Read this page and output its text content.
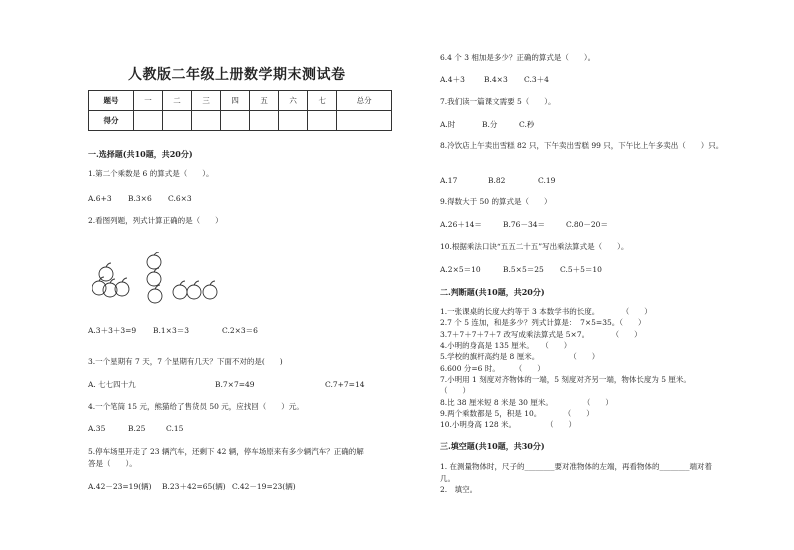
人教版二年级上册数学期末测试卷
题号	一	二	三	四	五	六	七	总分
得分								
一.选择题(共10题，共20分)
1.第二个乘数是 6 的算式是（　　）。
A.6+3 B.3×6 C.6×3
2.看图列题，列式计算正确的是（　　）
A.3＋3＋3=9 B.1×3＝3	C.2×3＝6
3.一个星期有 7 天，7 个星期有几天？下面不对的是(　　)
A. 七七四十九	B.7×7=49	C.7+7=14
4.一个笔筒 15 元，熊猫给了售货员 50 元，应找回（　　）元。
A.35	B.25	C.15
5.停车场里开走了 23 辆汽车，还剩下 42 辆，停车场原来有多少辆汽车？正确的解
答是（　　）。
A.42－23=19(辆) B.23＋42=65(辆) C.42－19=23(辆)
6.4 个 3 相加是多少？正确的算式是（　　）。
A.4＋3	B.4×3 C.3＋4
7.我们读一篇课文需要 5（　　）。
A.时	B.分	C.秒
8.冷饮店上午卖出雪糕 82 只，下午卖出雪糕 99 只，下午比上午多卖出（　　）只。
A.17	B.82	C.19
9.得数大于 50 的算式是（　　）
A.26＋14＝	B.76－34＝	C.80－20＝
10.根据乘法口诀“五五二十五”写出乘法算式是（　　）。
A.2×5＝10	B.5×5＝25 C.5＋5＝10
二.判断题(共10题，共20分)
1.一张课桌的长度大约等于 3 本数学书的长度。　　　　（　　）
2.7 个 5 连加，和是多少？列式计算是：　7×5=35。（　　）
3.7＋7＋7＋7＋7 改写成乘法算式是 5×7。　　　　（　　）
4.小明的身高是 135 厘米。　　（　　）
5.学校的旗杆高约是 8 厘米。　　　　　（　　）
6.600 分=6 时。　　　（　　）
7.小明用 1 刻度对齐物体的一端，5 刻度对齐另一端，物体长度为 5 厘米。
（　　）
8.比 38 厘米短 8 米是 30 厘米。　　　　　（　　）
9.两个乘数都是 5，积是 10。　　　　（　　）
10.小明身高 128 米。　　　　　（　　）
三.填空题(共10题，共30分)
1. 在测量物体时，尺子的________要对准物体的左端，再看物体的________端对着
几。
2.　填空。
